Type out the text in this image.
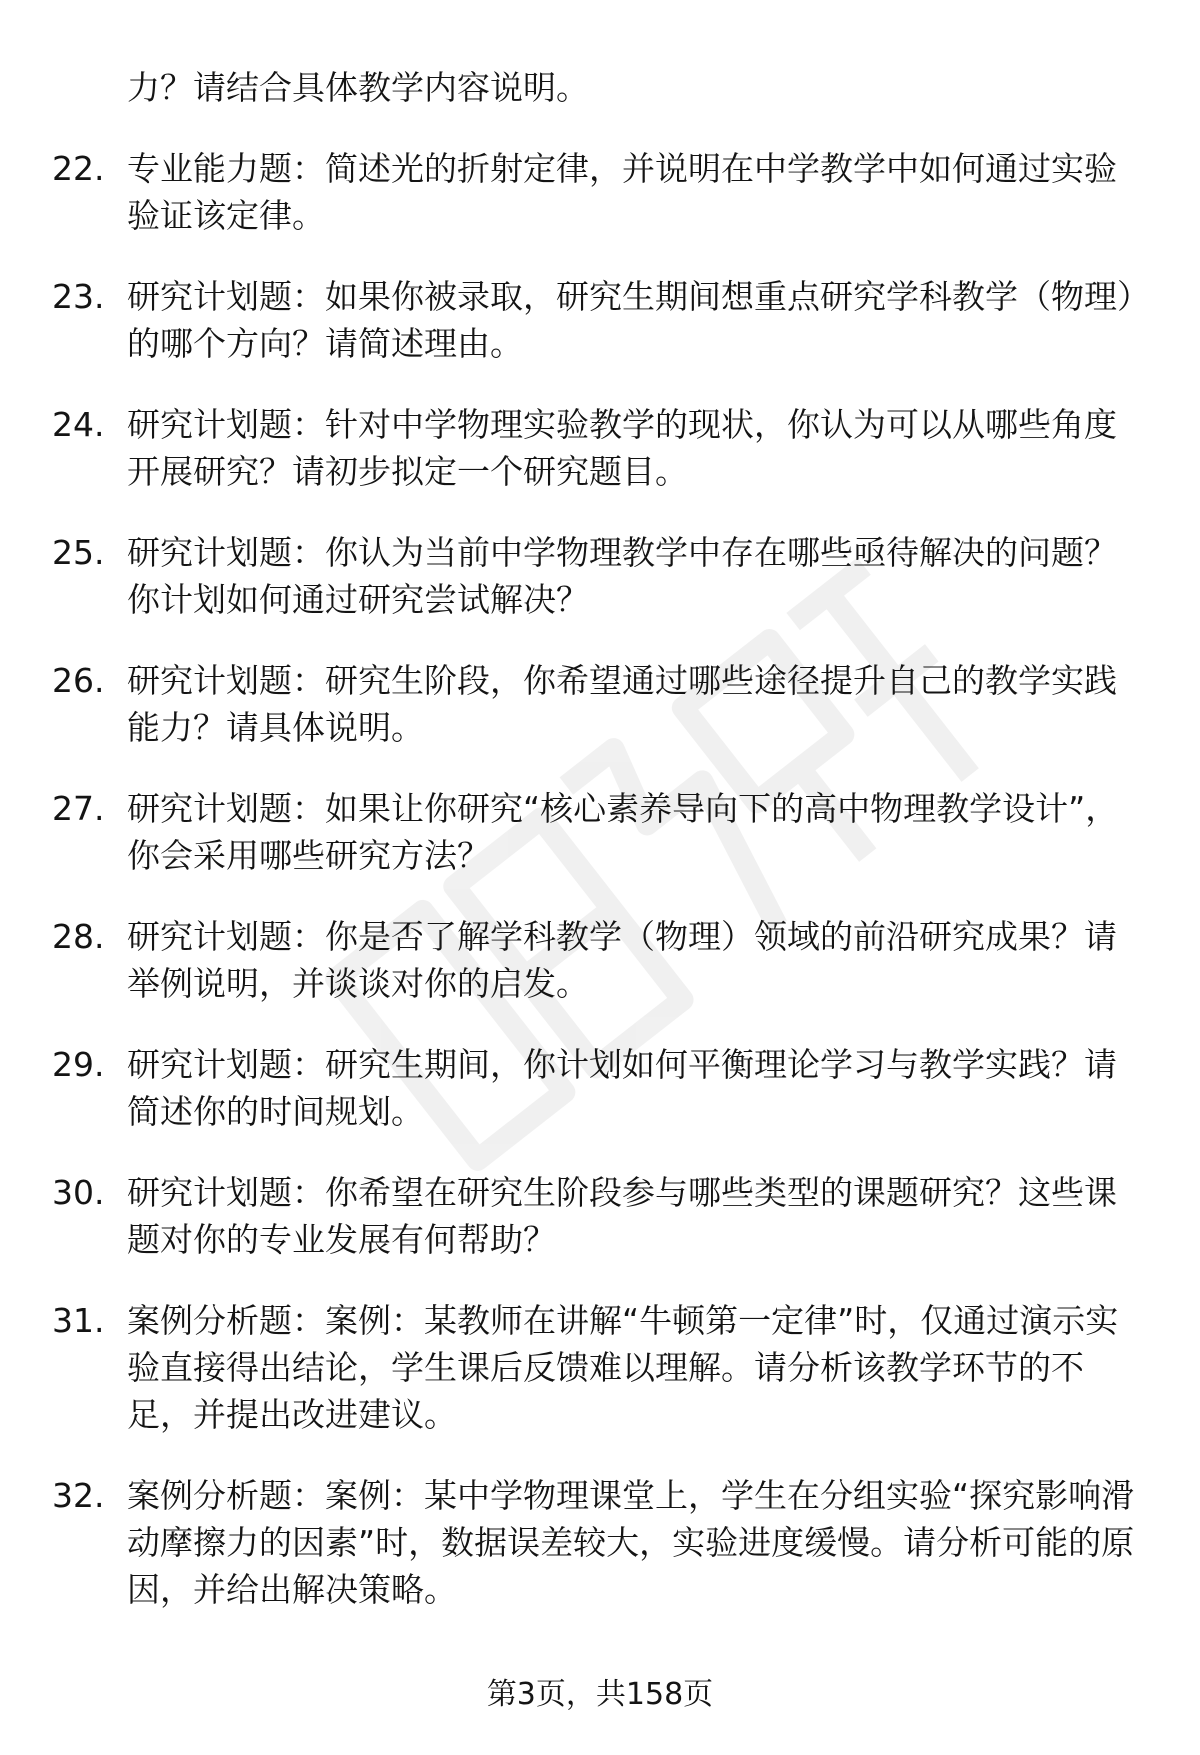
力？请结合具体教学内容说明。
22. 专业能力题：简述光的折射定律，并说明在中学教学中如何通过实验验证该定律。
23. 研究计划题：如果你被录取，研究生期间想重点研究学科教学（物理）的哪个方向？请简述理由。
24. 研究计划题：针对中学物理实验教学的现状，你认为可以从哪些角度开展研究？请初步拟定一个研究题目。
25. 研究计划题：你认为当前中学物理教学中存在哪些亟待解决的问题？你计划如何通过研究尝试解决？
26. 研究计划题：研究生阶段，你希望通过哪些途径提升自己的教学实践能力？请具体说明。
27. 研究计划题：如果让你研究“核心素养导向下的高中物理教学设计”，你会采用哪些研究方法？
28. 研究计划题：你是否了解学科教学（物理）领域的前沿研究成果？请举例说明，并谈谈对你的启发。
29. 研究计划题：研究生期间，你计划如何平衡理论学习与教学实践？请简述你的时间规划。
30. 研究计划题：你希望在研究生阶段参与哪些类型的课题研究？这些课题对你的专业发展有何帮助？
31. 案例分析题：案例：某教师在讲解“牛顿第一定律”时，仅通过演示实验直接得出结论，学生课后反馈难以理解。请分析该教学环节的不足，并提出改进建议。
32. 案例分析题：案例：某中学物理课堂上，学生在分组实验“探究影响滑动摩擦力的因素”时，数据误差较大，实验进度缓慢。请分析可能的原因，并给出解决策略。
第3页，共158页
